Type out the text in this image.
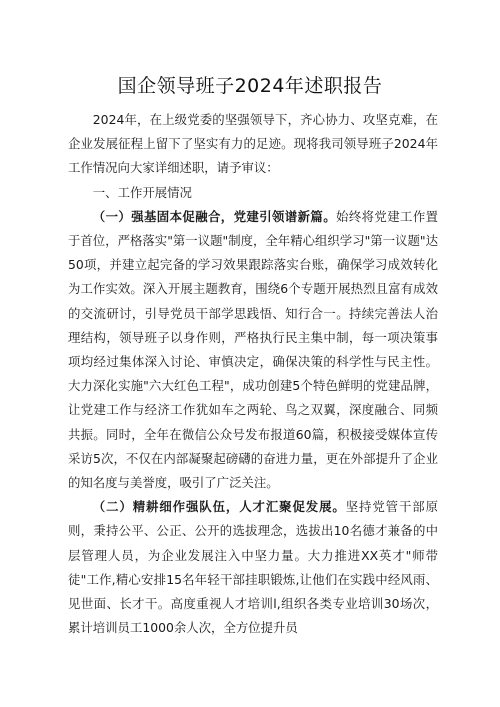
国企领导班子2024年述职报告

2024年，在上级党委的坚强领导下，齐心协力、攻坚克难，在企业发展征程上留下了坚实有力的足迹。现将我司领导班子2024年工作情况向大家详细述职，请予审议：

一、工作开展情况

（一）强基固本促融合，党建引领谱新篇。始终将党建工作置于首位，严格落实"第一议题"制度，全年精心组织学习"第一议题"达50项，并建立起完备的学习效果跟踪落实台账，确保学习成效转化为工作实效。深入开展主题教育，围绕6个专题开展热烈且富有成效的交流研讨，引导党员干部学思践悟、知行合一。持续完善法人治理结构，领导班子以身作则，严格执行民主集中制，每一项决策事项均经过集体深入讨论、审慎决定，确保决策的科学性与民主性。大力深化实施"六大红色工程"，成功创建5个特色鲜明的党建品牌，让党建工作与经济工作犹如车之两轮、鸟之双翼，深度融合、同频共振。同时，全年在微信公众号发布报道60篇，积极接受媒体宣传采访5次，不仅在内部凝聚起磅礴的奋进力量，更在外部提升了企业的知名度与美誉度，吸引了广泛关注。

（二）精耕细作强队伍，人才汇聚促发展。坚持党管干部原则，秉持公平、公正、公开的选拔理念，选拔出10名德才兼备的中层管理人员，为企业发展注入中坚力量。大力推进XX英才"师带徒"工作,精心安排15名年轻干部挂职锻炼,让他们在实践中经风雨、见世面、长才干。高度重视人才培训l,组织各类专业培训30场次，累计培训员工1000余人次，全方位提升员
